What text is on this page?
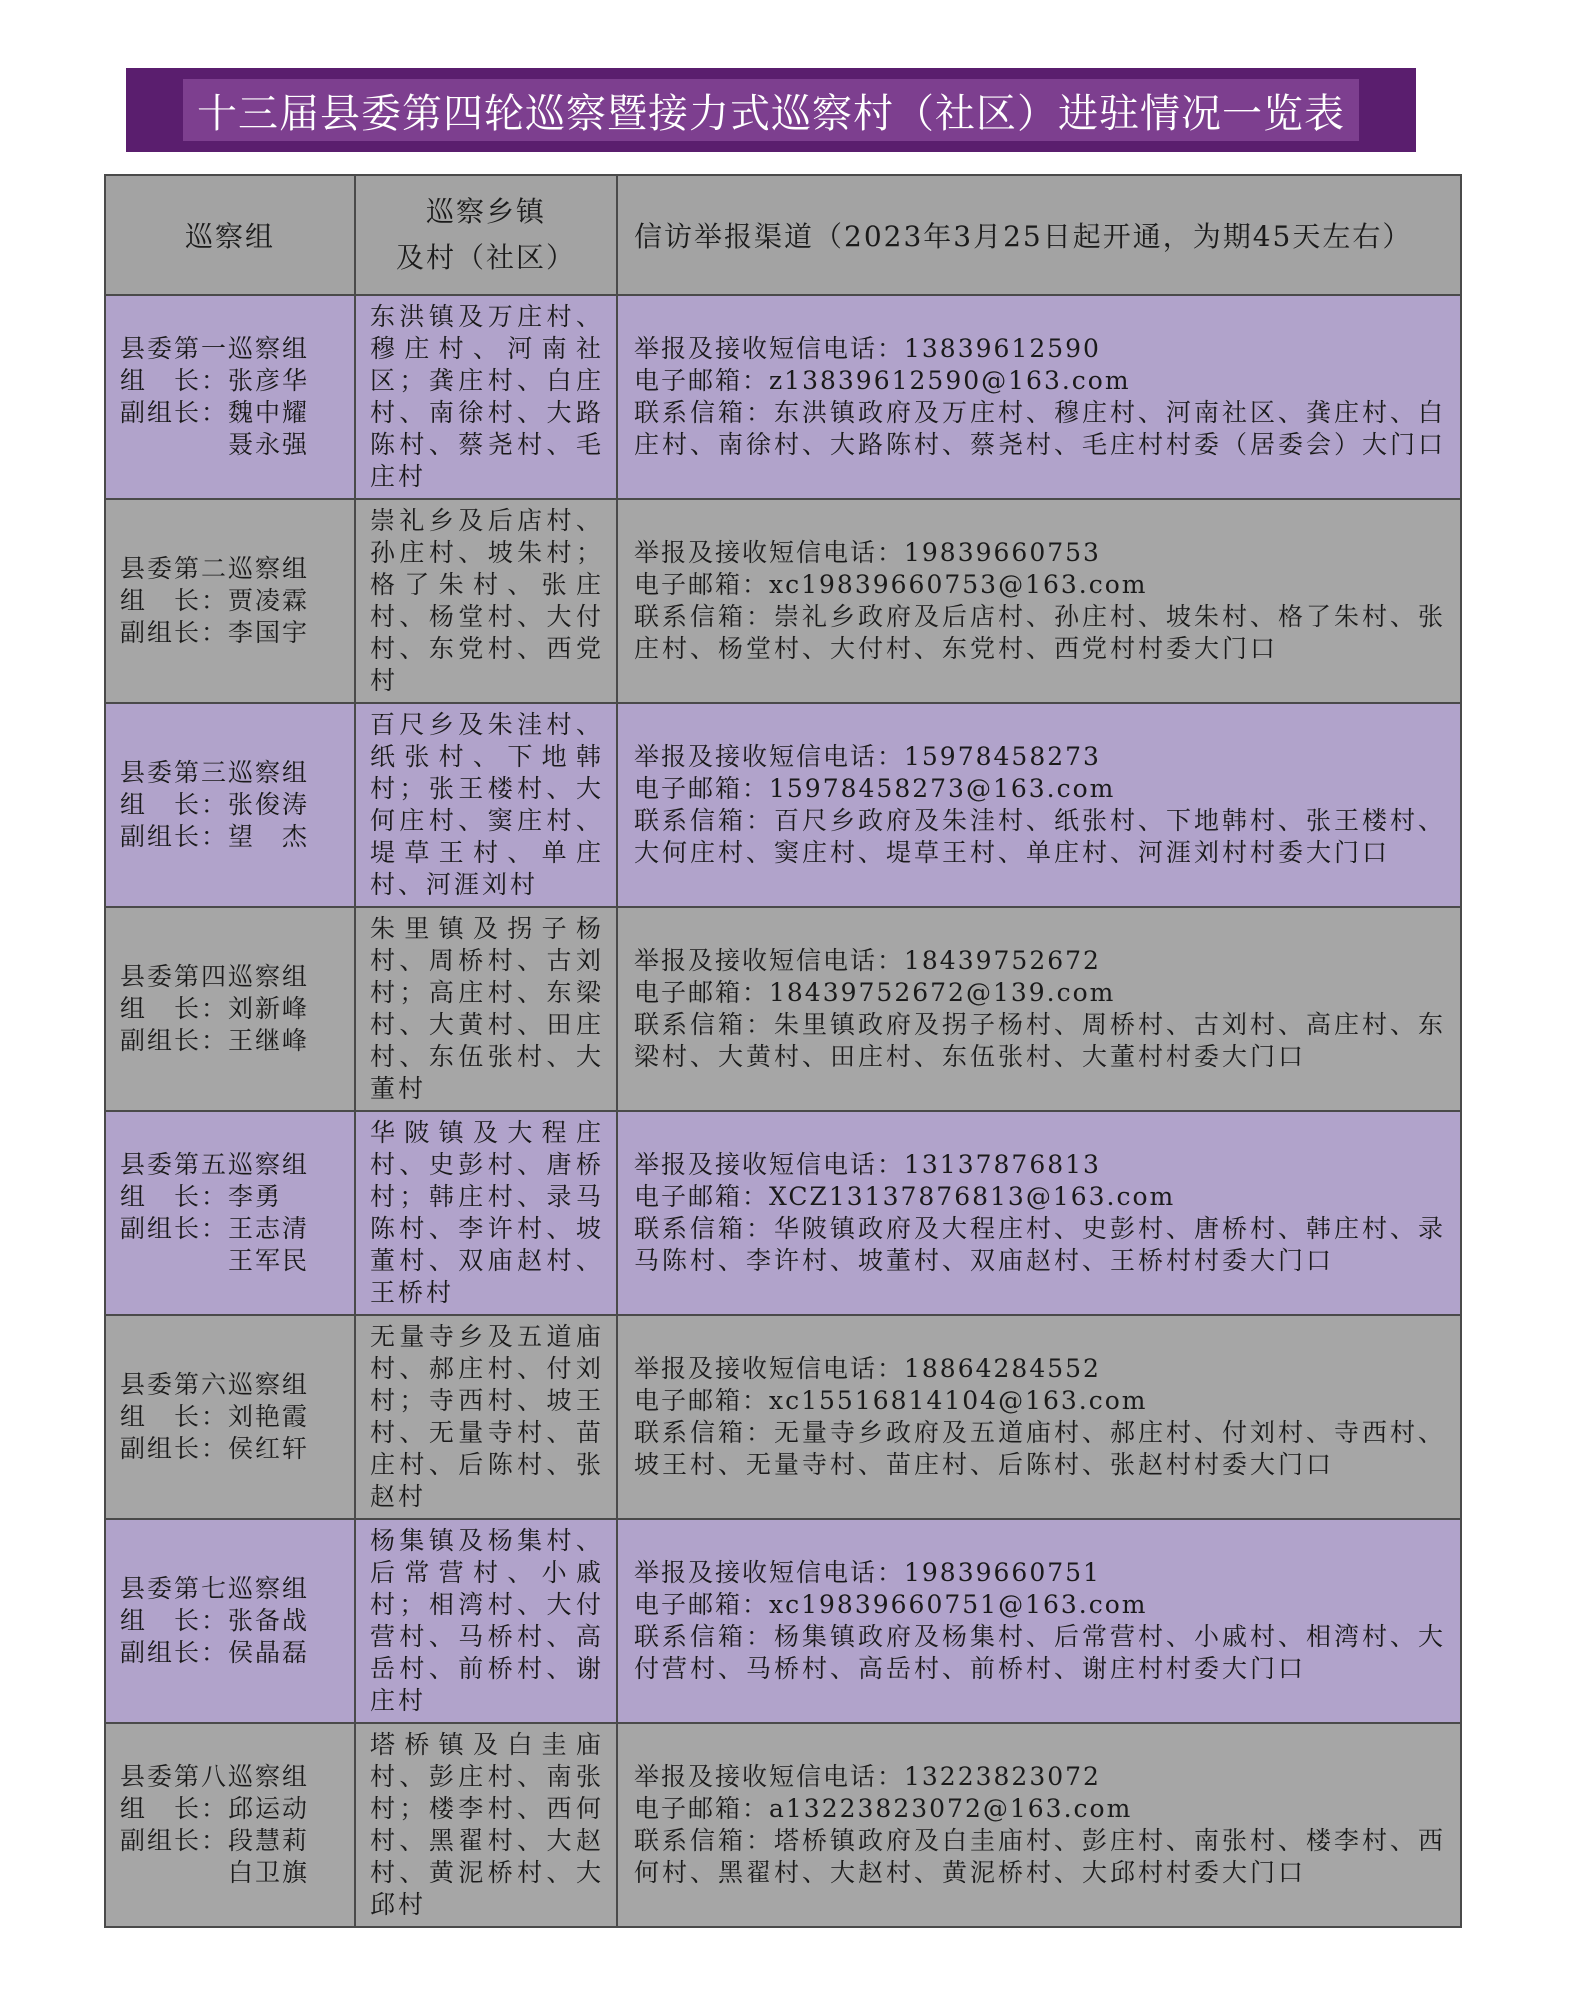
十三届县委第四轮巡察暨接力式巡察村（社区）进驻情况一览表
巡察组	巡察乡镇
及村（社区）	信访举报渠道（2023年3月25日起开通，为期45天左右）

县委第一巡察组
组　长：张彦华
副组长：魏中耀
　　　　聂永强	东洪镇及万庄村、穆庄村、河南社区；龚庄村、白庄村、南徐村、大路陈村、蔡尧村、毛庄村	举报及接收短信电话：13839612590
电子邮箱：z13839612590@163.com
联系信箱：东洪镇政府及万庄村、穆庄村、河南社区、龚庄村、白庄村、南徐村、大路陈村、蔡尧村、毛庄村村委（居委会）大门口

县委第二巡察组
组　长：贾凌霖
副组长：李国宇	崇礼乡及后店村、孙庄村、坡朱村；格了朱村、张庄村、杨堂村、大付村、东党村、西党村	举报及接收短信电话：19839660753
电子邮箱：xc19839660753@163.com
联系信箱：崇礼乡政府及后店村、孙庄村、坡朱村、格了朱村、张庄村、杨堂村、大付村、东党村、西党村村委大门口

县委第三巡察组
组　长：张俊涛
副组长：望　杰	百尺乡及朱洼村、纸张村、下地韩村；张王楼村、大何庄村、窦庄村、堤草王村、单庄村、河涯刘村	举报及接收短信电话：15978458273
电子邮箱：15978458273@163.com
联系信箱：百尺乡政府及朱洼村、纸张村、下地韩村、张王楼村、大何庄村、窦庄村、堤草王村、单庄村、河涯刘村村委大门口

县委第四巡察组
组　长：刘新峰
副组长：王继峰	朱里镇及拐子杨村、周桥村、古刘村；高庄村、东梁村、大黄村、田庄村、东伍张村、大董村	举报及接收短信电话：18439752672
电子邮箱：18439752672@139.com
联系信箱：朱里镇政府及拐子杨村、周桥村、古刘村、高庄村、东梁村、大黄村、田庄村、东伍张村、大董村村委大门口

县委第五巡察组
组　长：李勇
副组长：王志清
　　　　王军民	华陂镇及大程庄村、史彭村、唐桥村；韩庄村、录马陈村、李许村、坡董村、双庙赵村、王桥村	举报及接收短信电话：13137876813
电子邮箱：XCZ13137876813@163.com
联系信箱：华陂镇政府及大程庄村、史彭村、唐桥村、韩庄村、录马陈村、李许村、坡董村、双庙赵村、王桥村村委大门口

县委第六巡察组
组　长：刘艳霞
副组长：侯红轩	无量寺乡及五道庙村、郝庄村、付刘村；寺西村、坡王村、无量寺村、苗庄村、后陈村、张赵村	举报及接收短信电话：18864284552
电子邮箱：xc15516814104@163.com
联系信箱：无量寺乡政府及五道庙村、郝庄村、付刘村、寺西村、坡王村、无量寺村、苗庄村、后陈村、张赵村村委大门口

县委第七巡察组
组　长：张备战
副组长：侯晶磊	杨集镇及杨集村、后常营村、小戚村；相湾村、大付营村、马桥村、高岳村、前桥村、谢庄村	举报及接收短信电话：19839660751
电子邮箱：xc19839660751@163.com
联系信箱：杨集镇政府及杨集村、后常营村、小戚村、相湾村、大付营村、马桥村、高岳村、前桥村、谢庄村村委大门口

县委第八巡察组
组　长：邱运动
副组长：段慧莉
　　　　白卫旗	塔桥镇及白圭庙村、彭庄村、南张村；楼李村、西何村、黑翟村、大赵村、黄泥桥村、大邱村	举报及接收短信电话：13223823072
电子邮箱：a13223823072@163.com
联系信箱：塔桥镇政府及白圭庙村、彭庄村、南张村、楼李村、西何村、黑翟村、大赵村、黄泥桥村、大邱村村委大门口
